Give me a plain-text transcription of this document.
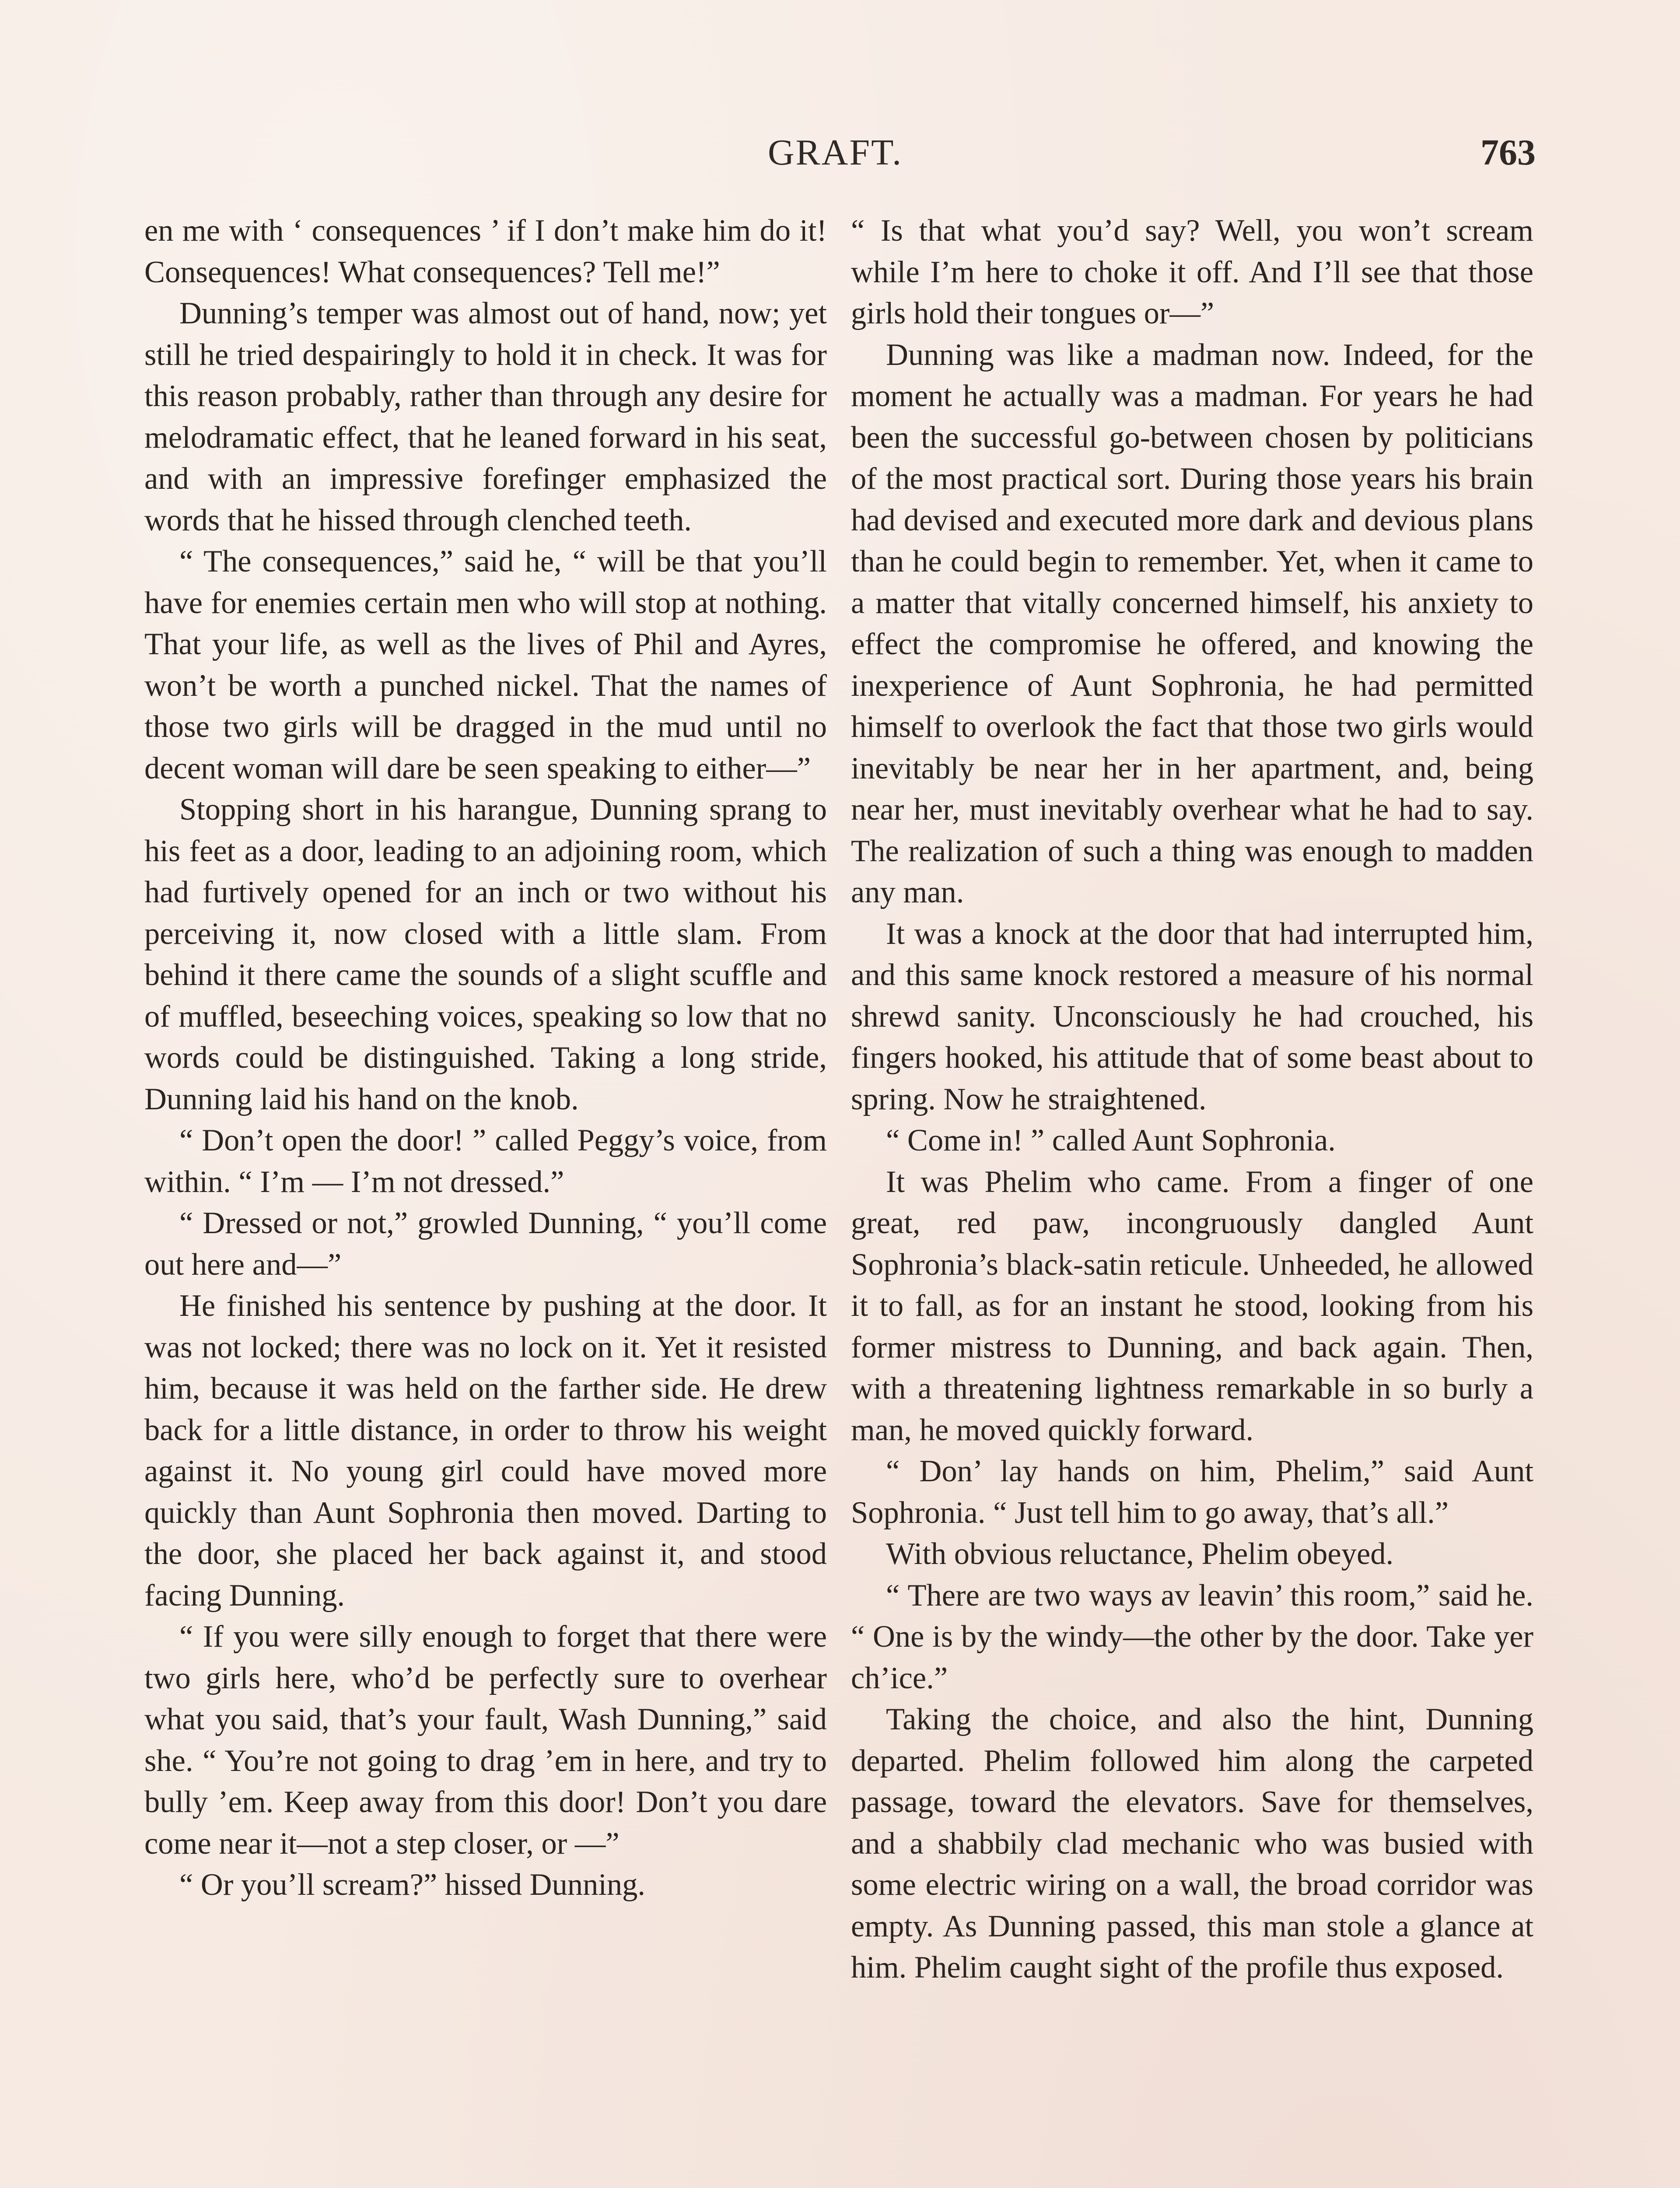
GRAFT.	763

en me with ‘ consequences ’ if I don’t make him do it! Consequences! What consequences? Tell me!”

Dunning’s temper was almost out of hand, now; yet still he tried despairingly to hold it in check. It was for this reason probably, rather than through any desire for melodramatic effect, that he leaned forward in his seat, and with an impressive forefinger emphasized the words that he hissed through clenched teeth.

“ The consequences,” said he, “ will be that you’ll have for enemies certain men who will stop at nothing. That your life, as well as the lives of Phil and Ayres, won’t be worth a punched nickel. That the names of those two girls will be dragged in the mud until no decent woman will dare be seen speaking to either—”

Stopping short in his harangue, Dunning sprang to his feet as a door, leading to an adjoining room, which had furtively opened for an inch or two without his perceiving it, now closed with a little slam. From behind it there came the sounds of a slight scuffle and of muffled, beseeching voices, speaking so low that no words could be distinguished. Taking a long stride, Dunning laid his hand on the knob.

“ Don’t open the door! ” called Peggy’s voice, from within. “ I’m — I’m not dressed.”

“ Dressed or not,” growled Dunning, “ you’ll come out here and—”

He finished his sentence by pushing at the door. It was not locked; there was no lock on it. Yet it resisted him, because it was held on the farther side. He drew back for a little distance, in order to throw his weight against it. No young girl could have moved more quickly than Aunt Sophronia then moved. Darting to the door, she placed her back against it, and stood facing Dunning.

“ If you were silly enough to forget that there were two girls here, who’d be perfectly sure to overhear what you said, that’s your fault, Wash Dunning,” said she. “ You’re not going to drag ’em in here, and try to bully ’em. Keep away from this door! Don’t you dare come near it—not a step closer, or —”

“ Or you’ll scream?” hissed Dunning.

“ Is that what you’d say? Well, you won’t scream while I’m here to choke it off. And I’ll see that those girls hold their tongues or—”

Dunning was like a madman now. Indeed, for the moment he actually was a madman. For years he had been the successful go-between chosen by politicians of the most practical sort. During those years his brain had devised and executed more dark and devious plans than he could begin to remember. Yet, when it came to a matter that vitally concerned himself, his anxiety to effect the compromise he offered, and knowing the inexperience of Aunt Sophronia, he had permitted himself to overlook the fact that those two girls would inevitably be near her in her apartment, and, being near her, must inevitably overhear what he had to say. The realization of such a thing was enough to madden any man.

It was a knock at the door that had interrupted him, and this same knock restored a measure of his normal shrewd sanity. Unconsciously he had crouched, his fingers hooked, his attitude that of some beast about to spring. Now he straightened.

“ Come in! ” called Aunt Sophronia.

It was Phelim who came. From a finger of one great, red paw, incongruously dangled Aunt Sophronia’s black-satin reticule. Unheeded, he allowed it to fall, as for an instant he stood, looking from his former mistress to Dunning, and back again. Then, with a threatening lightness remarkable in so burly a man, he moved quickly forward.

“ Don’ lay hands on him, Phelim,” said Aunt Sophronia. “ Just tell him to go away, that’s all.”

With obvious reluctance, Phelim obeyed.

“ There are two ways av leavin’ this room,” said he. “ One is by the windy—the other by the door. Take yer ch’ice.”

Taking the choice, and also the hint, Dunning departed. Phelim followed him along the carpeted passage, toward the elevators. Save for themselves, and a shabbily clad mechanic who was busied with some electric wiring on a wall, the broad corridor was empty. As Dunning passed, this man stole a glance at him. Phelim caught sight of the profile thus exposed.
